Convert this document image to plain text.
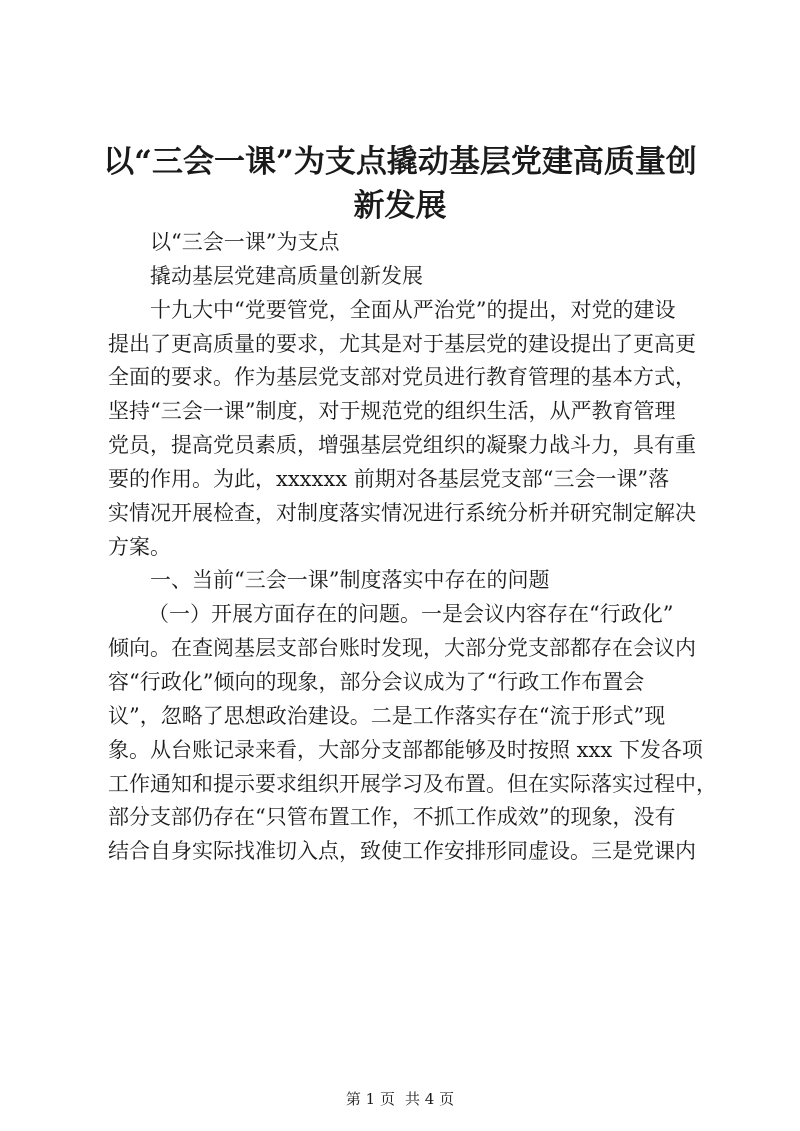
以“三会一课”为支点撬动基层党建高质量创
新发展
以“三会一课”为支点
撬动基层党建高质量创新发展
十九大中“党要管党，全面从严治党”的提出，对党的建设
提出了更高质量的要求，尤其是对于基层党的建设提出了更高更
全面的要求。作为基层党支部对党员进行教育管理的基本方式，
坚持“三会一课”制度，对于规范党的组织生活，从严教育管理
党员，提高党员素质，增强基层党组织的凝聚力战斗力，具有重
要的作用。为此，xxxxxx 前期对各基层党支部“三会一课”落
实情况开展检查，对制度落实情况进行系统分析并研究制定解决
方案。
一、当前“三会一课”制度落实中存在的问题
（一）开展方面存在的问题。一是会议内容存在“行政化”
倾向。在查阅基层支部台账时发现，大部分党支部都存在会议内
容“行政化”倾向的现象，部分会议成为了“行政工作布置会
议”，忽略了思想政治建设。二是工作落实存在“流于形式”现
象。从台账记录来看，大部分支部都能够及时按照 xxx 下发各项
工作通知和提示要求组织开展学习及布置。但在实际落实过程中，
部分支部仍存在“只管布置工作，不抓工作成效”的现象，没有
结合自身实际找准切入点，致使工作安排形同虚设。三是党课内
第 1 页 共 4 页
